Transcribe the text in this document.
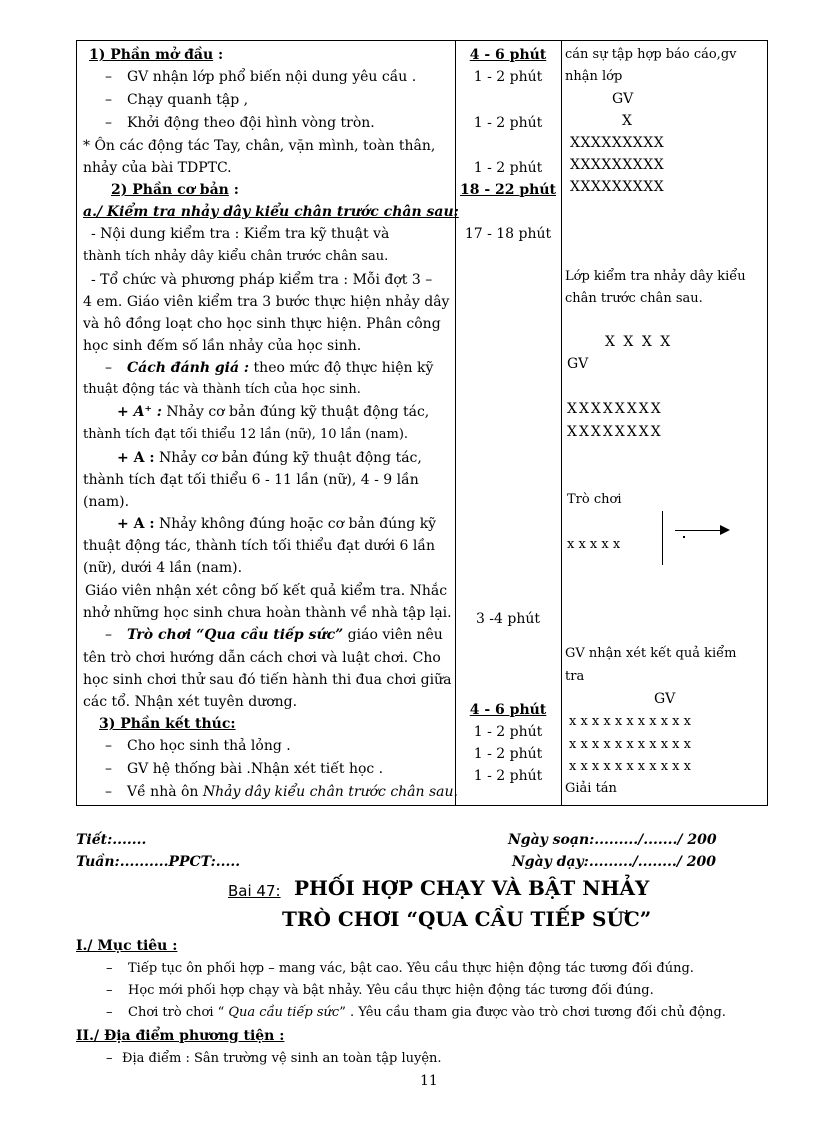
1) Phần mở đầu :
– GV nhận lớp phổ biến nội dung yêu cầu .
– Chạy quanh tập ,
– Khởi động theo đội hình vòng tròn.
* Ôn các động tác Tay, chân, vặn mình, toàn thân,
nhảy của bài TDPTC.
2) Phần cơ bản :
a./ Kiểm tra nhảy dây kiểu chân trước chân sau:
- Nội dung kiểm tra : Kiểm tra kỹ thuật và
thành tích nhảy dây kiểu chân trước chân sau.
- Tổ chức và phương pháp kiểm tra : Mỗi đợt 3 –
4 em. Giáo viên kiểm tra 3 bước thực hiện nhảy dây
và hô đồng loạt cho học sinh thực hiện. Phân công
học sinh đếm số lần nhảy của học sinh.
– Cách đánh giá : theo mức độ thực hiện kỹ
thuật động tác và thành tích của học sinh.
+ A⁺ : Nhảy cơ bản đúng kỹ thuật động tác,
thành tích đạt tối thiểu 12 lần (nữ), 10 lần (nam).
+ A : Nhảy cơ bản đúng kỹ thuật động tác,
thành tích đạt tối thiểu 6 - 11 lần (nữ), 4 - 9 lần
(nam).
+ A : Nhảy không đúng hoặc cơ bản đúng kỹ
thuật động tác, thành tích tối thiểu đạt dưới 6 lần
(nữ), dưới 4 lần (nam).
Giáo viên nhận xét công bố kết quả kiểm tra. Nhắc
nhở những học sinh chưa hoàn thành về nhà tập lại.
– Trò chơi “Qua cầu tiếp sức” giáo viên nêu
tên trò chơi hướng dẫn cách chơi và luật chơi. Cho
học sinh chơi thử sau đó tiến hành thi đua chơi giữa
các tổ. Nhận xét tuyên dương.
3) Phần kết thúc:
– Cho học sinh thả lỏng .
– GV hệ thống bài .Nhận xét tiết học .
– Về nhà ôn Nhảy dây kiểu chân trước chân sau.
4 - 6 phút
1 - 2 phút
1 - 2 phút
1 - 2 phút
18 - 22 phút
17 - 18 phút
3 -4 phút
4 - 6 phút
1 - 2 phút
1 - 2 phút
1 - 2 phút
cán sự tập hợp báo cáo,gv
nhận lớp
GV
X
XXXXXXXXX
XXXXXXXXX
XXXXXXXXX
Lớp kiểm tra nhảy dây kiểu
chân trước chân sau.
X X X X
GV
XXXXXXXX
XXXXXXXX
Trò chơi
x x x x x
GV nhận xét kết quả kiểm
tra
GV
x x x x x x x x x x x
x x x x x x x x x x x
x x x x x x x x x x x
Giải tán
Tiết:.......
Tuần:..........PPCT:.....
Ngày soạn:........./......./ 200
Ngày dạy:........./......../ 200
Bai 47: PHỐI HỢP CHẠY VÀ BẬT NHẢY
TRÒ CHƠI “QUA CẦU TIẾP SỨC”
I./ Mục tiêu :
– Tiếp tục ôn phối hợp – mang vác, bật cao. Yêu cầu thực hiện động tác tương đối đúng.
– Học mới phối hợp chạy và bật nhảy. Yêu cầu thực hiện động tác tương đối đúng.
– Chơi trò chơi “ Qua cầu tiếp sức” . Yêu cầu tham gia được vào trò chơi tương đối chủ động.
II./ Địa điểm phương tiện :
– Địa điểm : Sân trường vệ sinh an toàn tập luyện.
11
